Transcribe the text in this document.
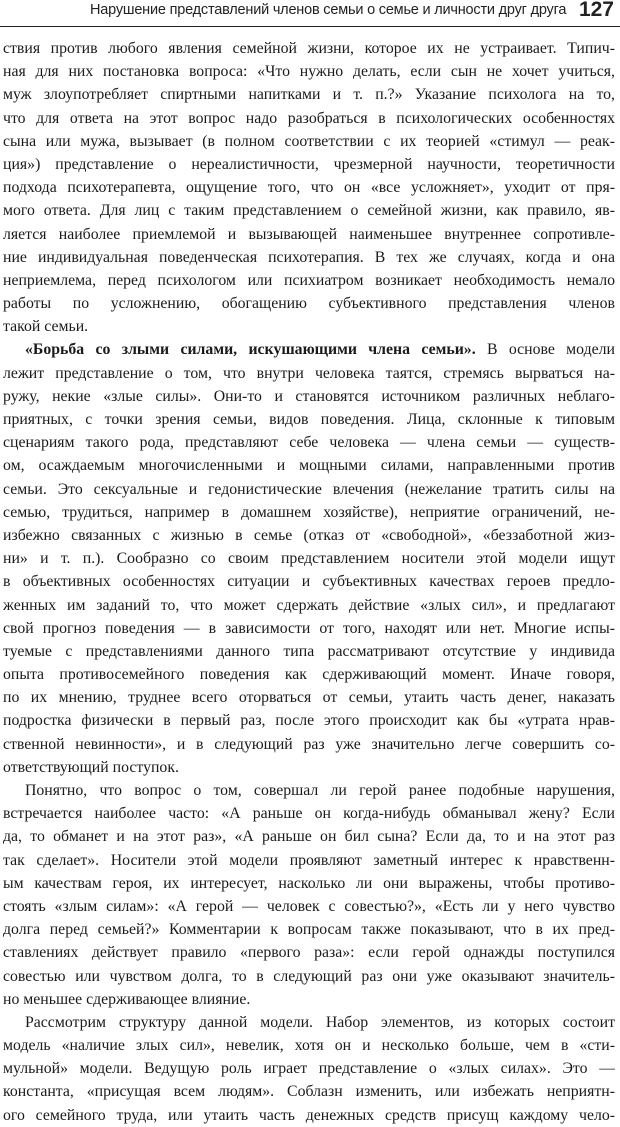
Нарушение представлений членов семьи о семье и личности друг друга 127
ствия против любого явления семейной жизни, которое их не устраивает. Типич-
ная для них постановка вопроса: «Что нужно делать, если сын не хочет учиться,
муж злоупотребляет спиртными напитками и т. п.?» Указание психолога на то,
что для ответа на этот вопрос надо разобраться в психологических особенностях
сына или мужа, вызывает (в полном соответствии с их теорией «стимул — реак-
ция») представление о нереалистичности, чрезмерной научности, теоретичности
подхода психотерапевта, ощущение того, что он «все усложняет», уходит от пря-
мого ответа. Для лиц с таким представлением о семейной жизни, как правило, яв-
ляется наиболее приемлемой и вызывающей наименьшее внутреннее сопротивле-
ние индивидуальная поведенческая психотерапия. В тех же случаях, когда и она
неприемлема, перед психологом или психиатром возникает необходимость немало
работы по усложнению, обогащению субъективного представления членов
такой семьи.
«Борьба со злыми силами, искушающими члена семьи». В основе модели
лежит представление о том, что внутри человека таятся, стремясь вырваться на-
ружу, некие «злые силы». Они-то и становятся источником различных неблаго-
приятных, с точки зрения семьи, видов поведения. Лица, склонные к типовым
сценариям такого рода, представляют себе человека — члена семьи — существ-
ом, осаждаемым многочисленными и мощными силами, направленными против
семьи. Это сексуальные и гедонистические влечения (нежелание тратить силы на
семью, трудиться, например в домашнем хозяйстве), неприятие ограничений, не-
избежно связанных с жизнью в семье (отказ от «свободной», «беззаботной жиз-
ни» и т. п.). Сообразно со своим представлением носители этой модели ищут
в объективных особенностях ситуации и субъективных качествах героев предло-
женных им заданий то, что может сдержать действие «злых сил», и предлагают
свой прогноз поведения — в зависимости от того, находят или нет. Многие испы-
туемые с представлениями данного типа рассматривают отсутствие у индивида
опыта противосемейного поведения как сдерживающий момент. Иначе говоря,
по их мнению, труднее всего оторваться от семьи, утаить часть денег, наказать
подростка физически в первый раз, после этого происходит как бы «утрата нрав-
ственной невинности», и в следующий раз уже значительно легче совершить со-
ответствующий поступок.
Понятно, что вопрос о том, совершал ли герой ранее подобные нарушения,
встречается наиболее часто: «А раньше он когда-нибудь обманывал жену? Если
да, то обманет и на этот раз», «А раньше он бил сына? Если да, то и на этот раз
так сделает». Носители этой модели проявляют заметный интерес к нравственн-
ым качествам героя, их интересует, насколько ли они выражены, чтобы противо-
стоять «злым силам»: «А герой — человек с совестью?», «Есть ли у него чувство
долга перед семьей?» Комментарии к вопросам также показывают, что в их пред-
ставлениях действует правило «первого раза»: если герой однажды поступился
совестью или чувством долга, то в следующий раз они уже оказывают значитель-
но меньшее сдерживающее влияние.
Рассмотрим структуру данной модели. Набор элементов, из которых состоит
модель «наличие злых сил», невелик, хотя он и несколько больше, чем в «сти-
мульной» модели. Ведущую роль играет представление о «злых силах». Это —
константа, «присущая всем людям». Соблазн изменить, или избежать неприятн-
ого семейного труда, или утаить часть денежных средств присущ каждому чело-
